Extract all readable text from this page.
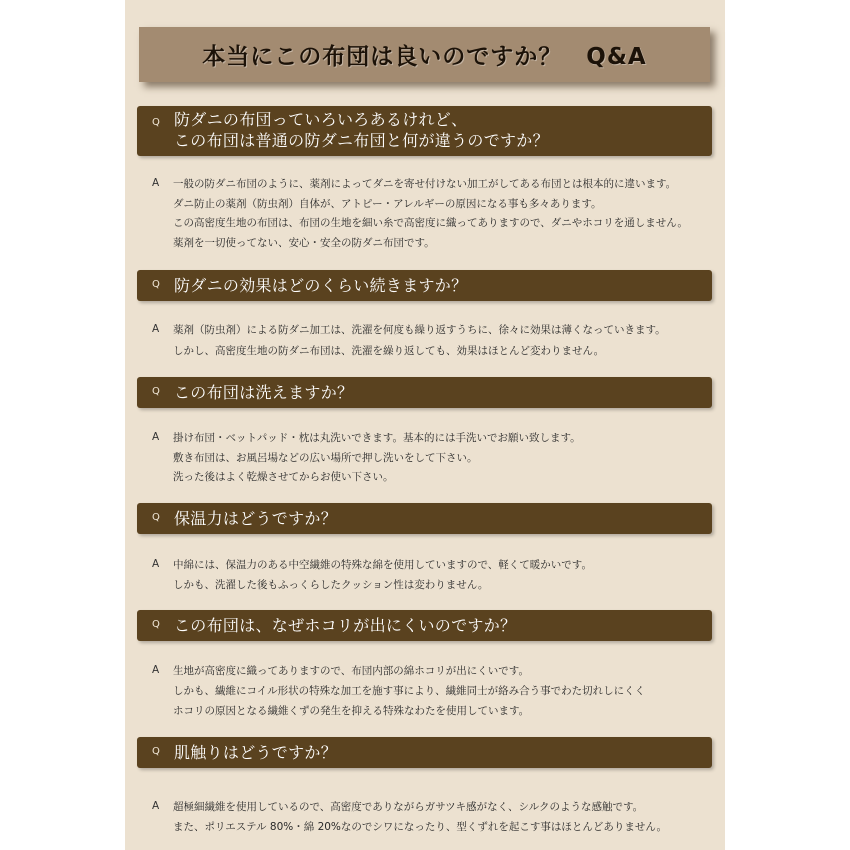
本当にこの布団は良いのですか？　Q&A
Q 防ダニの布団っていろいろあるけれど、
この布団は普通の防ダニ布団と何が違うのですか？
A 一般の防ダニ布団のように、薬剤によってダニを寄せ付けない加工がしてある布団とは根本的に違います。
ダニ防止の薬剤（防虫剤）自体が、アトピー・アレルギーの原因になる事も多々あります。
この高密度生地の布団は、布団の生地を細い糸で高密度に織ってありますので、ダニやホコリを通しません。
薬剤を一切使ってない、安心・安全の防ダニ布団です。
Q 防ダニの効果はどのくらい続きますか？
A 薬剤（防虫剤）による防ダニ加工は、洗濯を何度も繰り返すうちに、徐々に効果は薄くなっていきます。
しかし、高密度生地の防ダニ布団は、洗濯を繰り返しても、効果はほとんど変わりません。
Q この布団は洗えますか？
A 掛け布団・ベットパッド・枕は丸洗いできます。基本的には手洗いでお願い致します。
敷き布団は、お風呂場などの広い場所で押し洗いをして下さい。
洗った後はよく乾燥させてからお使い下さい。
Q 保温力はどうですか？
A 中綿には、保温力のある中空繊維の特殊な綿を使用していますので、軽くて暖かいです。
しかも、洗濯した後もふっくらしたクッション性は変わりません。
Q この布団は、なぜホコリが出にくいのですか？
A 生地が高密度に織ってありますので、布団内部の綿ホコリが出にくいです。
しかも、繊維にコイル形状の特殊な加工を施す事により、繊維同士が絡み合う事でわた切れしにくく
ホコリの原因となる繊維くずの発生を抑える特殊なわたを使用しています。
Q 肌触りはどうですか？
A 超極細繊維を使用しているので、高密度でありながらガサツキ感がなく、シルクのような感触です。
また、ポリエステル 80%・綿 20%なのでシワになったり、型くずれを起こす事はほとんどありません。
